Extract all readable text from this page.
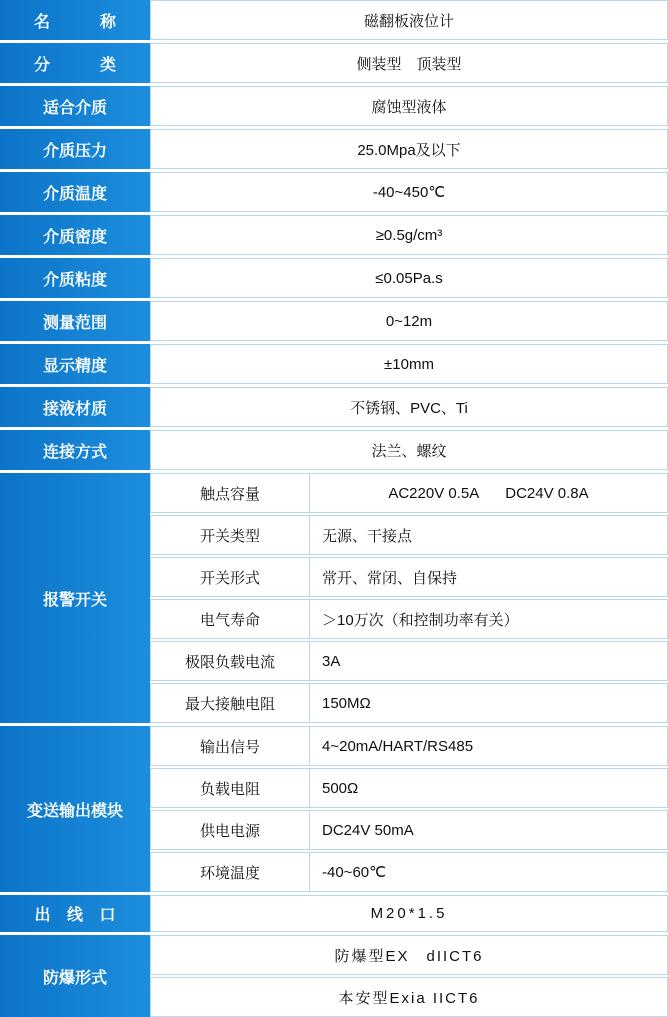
名　　称	磁翻板液位计
分　　类	侧装型　顶装型
适合介质	腐蚀型液体
介质压力	25.0Mpa及以下
介质温度	-40~450℃
介质密度	≥0.5g/cm³
介质粘度	≤0.05Pa.s
测量范围	0~12m
显示精度	±10mm
接液材质	不锈钢、PVC、Ti
连接方式	法兰、螺纹
报警开关
触点容量	AC220V 0.5A DC24V 0.8A
开关类型	无源、干接点
开关形式	常开、常闭、自保持
电气寿命	＞10万次（和控制功率有关）
极限负载电流	3A
最大接触电阻	150MΩ
变送输出模块
输出信号	4~20mA/HART/RS485
负载电阻	500Ω
供电电源	DC24V 50mA
环境温度	-40~60℃
出 线 口	M20*1.5
防爆形式
防爆型EX　dIICT6
本安型Exia IICT6
